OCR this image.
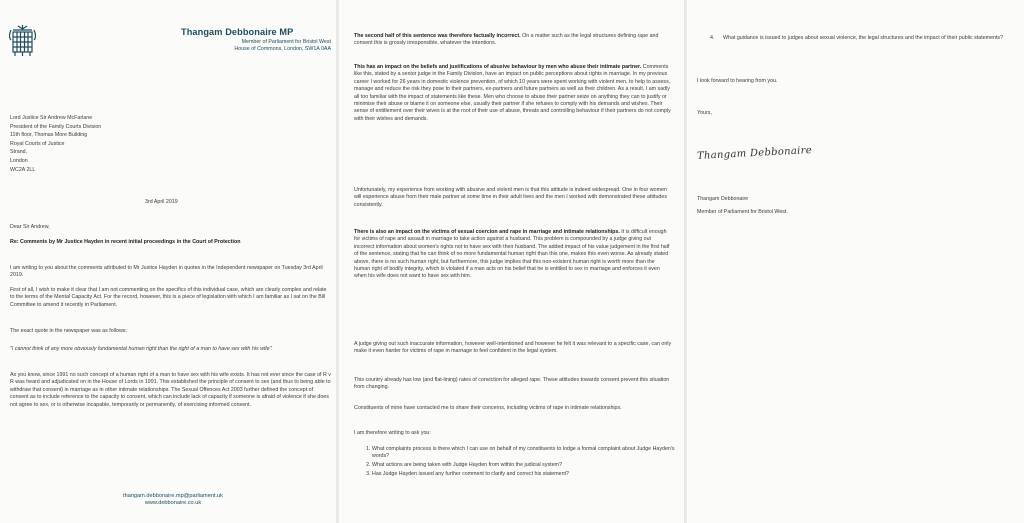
Thangam Debbonaire MP
Member of Parliament for Bristol West
House of Commons, London, SW1A 0AA
Lord Justice Sir Andrew McFarlane
President of the Family Courts Division
11th floor, Thomas More Building
Royal Courts of Justice
Strand,
London
WC2A 2LL
3rd April 2019
Dear Sir Andrew,
Re: Comments by Mr Justice Hayden in recent initial proceedings in the Court of Protection
I am writing to you about the comments attributed to Mr Justice Hayden in quotes in the Independent newspaper on Tuesday 3rd April 2019.
First of all, I wish to make it clear that I am not commenting on the specifics of this individual case, which are clearly complex and relate to the terms of the Mental Capacity Act. For the record, however, this is a piece of legislation with which I am familiar as I sat on the Bill Committee to amend it recently in Parliament.
The exact quote in the newspaper was as follows:
"I cannot think of any more obviously fundamental human right than the right of a man to have sex with his wife".
As you know, since 1991 no such concept of a human right of a man to have sex with his wife exists. It has not ever since the case of R v R was heard and adjudicated on in the House of Lords in 1991. This established the principle of consent to sex (and thus to being able to withdraw that consent) in marriage as in other intimate relationships. The Sexual Offences Act 2003 further defined the concept of consent as to include reference to the capacity to consent, which can include lack of capacity if someone is afraid of violence if she does not agree to sex, or is otherwise incapable, temporarily or permanently, of exercising informed consent.
thangam.debbonaire.mp@parliament.uk
www.debbonaire.co.uk
The second half of this sentence was therefore factually incorrect. On a matter such as the legal structures defining rape and consent this is grossly irresponsible, whatever the intentions.
This has an impact on the beliefs and justifications of abusive behaviour by men who abuse their intimate partner. Comments like this, stated by a senior judge in the Family Division, have an impact on public perceptions about rights in marriage. In my previous career I worked for 26 years in domestic violence prevention, of which 10 years were spent working with violent men, to help to assess, manage and reduce the risk they pose to their partners, ex-partners and future partners as well as their children. As a result, I am sadly all too familiar with the impact of statements like these. Men who choose to abuse their partner seize on anything they can to justify or minimise their abuse or blame it on someone else, usually their partner if she refuses to comply with his demands and wishes. Their sense of entitlement over their wives is at the root of their use of abuse, threats and controlling behaviour if their partners do not comply with their wishes and demands.
Unfortunately, my experience from working with abusive and violent men is that this attitude is indeed widespread. One in four women will experience abuse from their male partner at some time in their adult lives and the men I worked with demonstrated these attitudes consistently.
There is also an impact on the victims of sexual coercion and rape in marriage and intimate relationships. It is difficult enough for victims of rape and assault in marriage to take action against a husband. This problem is compounded by a judge giving out incorrect information about women's rights not to have sex with their husband. The added impact of his value judgement in the first half of the sentence, stating that he can think of no more fundamental human right than this one, makes this even worse. As already stated above, there is no such human right, but furthermore, this judge implies that this non-existent human right is worth more than the human right of bodily integrity, which is violated if a man acts on his belief that he is entitled to sex in marriage and enforces it even when his wife does not want to have sex with him.
A judge giving out such inaccurate information, however well-intentioned and however he felt it was relevant to a specific case, can only make it even harder for victims of rape in marriage to feel confident in the legal system.
This country already has low (and flat-lining) rates of conviction for alleged rape. These attitudes towards consent prevent this situation from changing.
Constituents of mine have contacted me to share their concerns, including victims of rape in intimate relationships.
I am therefore writing to ask you:
1. What complaints process is there which I can use on behalf of my constituents to lodge a formal complaint about Judge Hayden's words?
2. What actions are being taken with Judge Hayden from within the judicial system?
3. Has Judge Hayden issued any further comment to clarify and correct his statement?
4.	What guidance is issued to judges about sexual violence, the legal structures and the impact of their public statements?
I look forward to hearing from you.
Yours,
Thangam Debbonaire
Thangam Debbonaire
Member of Parliament for Bristol West.
